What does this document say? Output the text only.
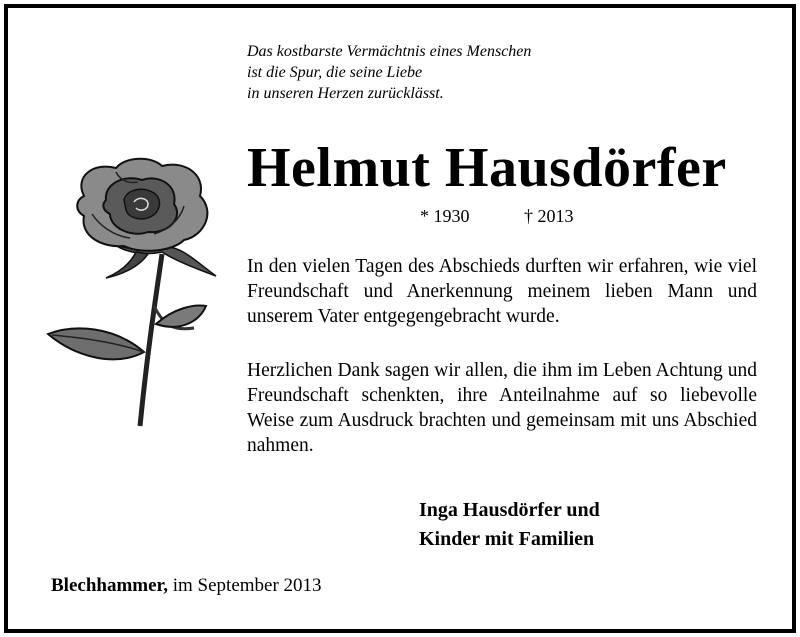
Das kostbarste Vermächtnis eines Menschen
ist die Spur, die seine Liebe
in unseren Herzen zurücklässt.
Helmut Hausdörfer
* 1930	† 2013
In den vielen Tagen des Abschieds durften wir erfahren, wie viel Freundschaft und Anerkennung meinem lieben Mann und unserem Vater entgegengebracht wurde.
Herzlichen Dank sagen wir allen, die ihm im Leben Achtung und Freundschaft schenkten, ihre Anteilnahme auf so liebevolle Weise zum Ausdruck brachten und gemeinsam mit uns Abschied nahmen.
Inga Hausdörfer und
Kinder mit Familien
Blechhammer, im September 2013
